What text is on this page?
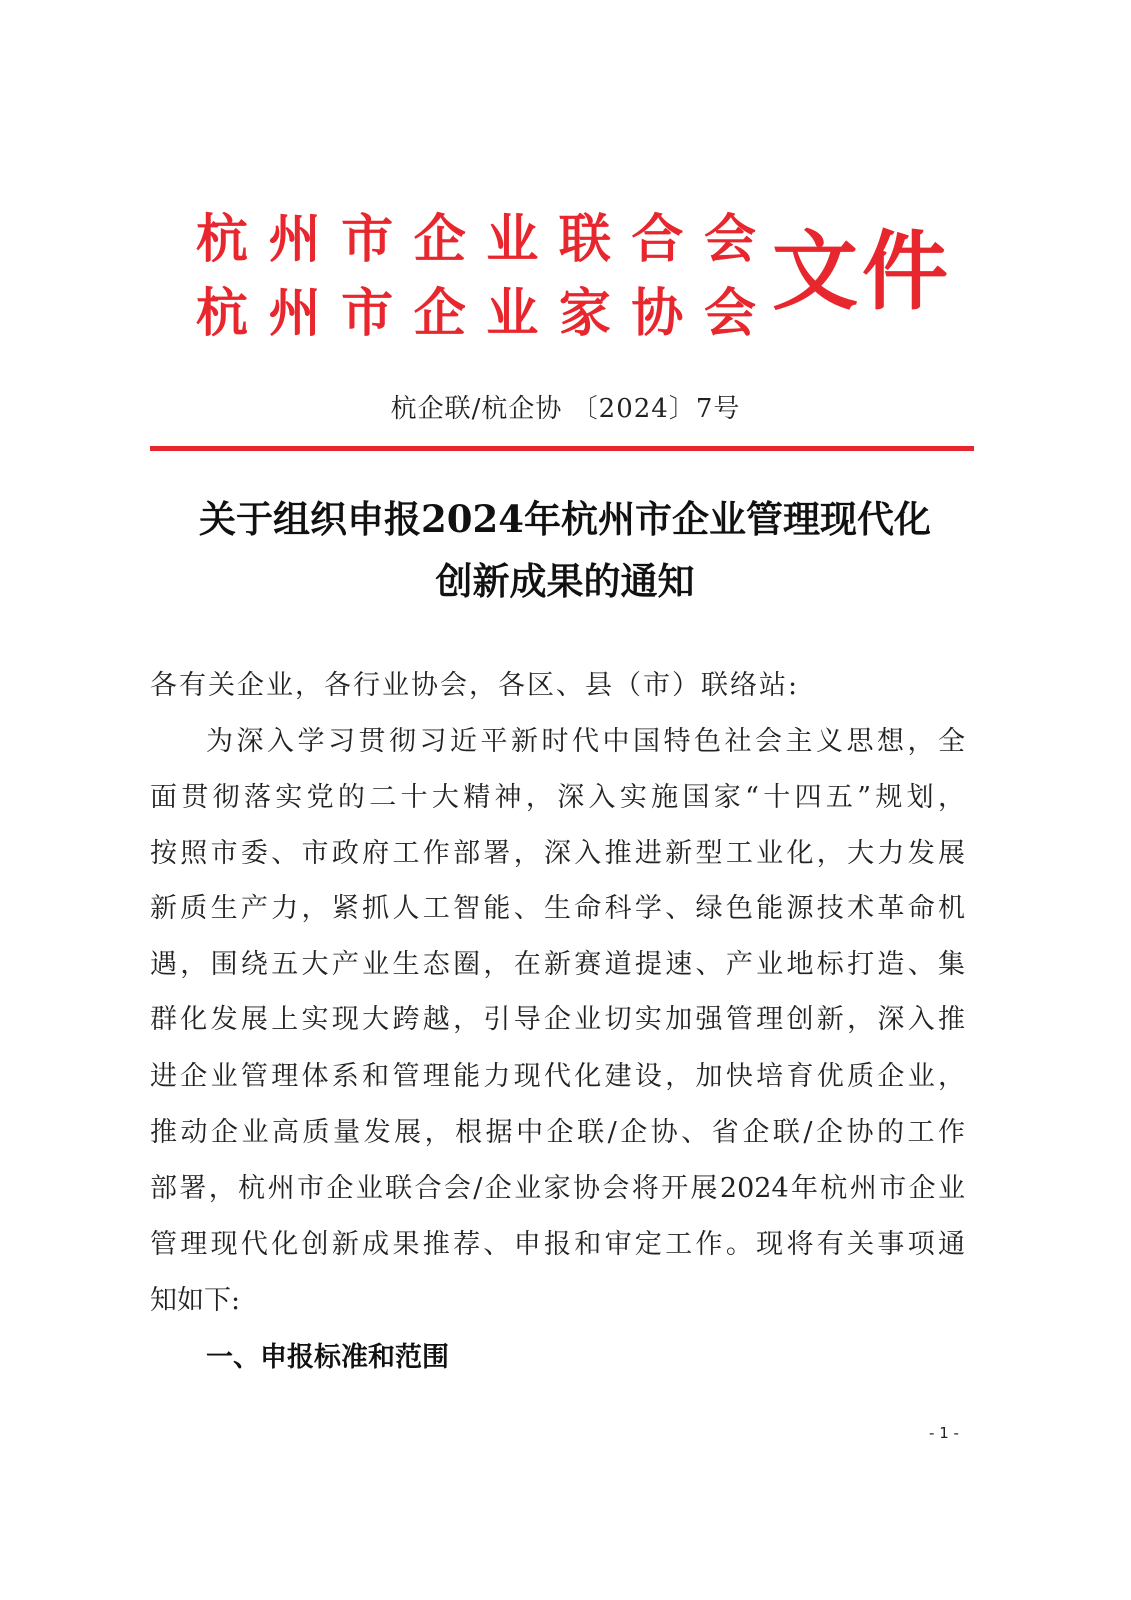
杭 州 市 企 业 联 合 会
杭 州 市 企 业 家 协 会 文件
杭企联/杭企协 〔2024〕7号
关于组织申报2024年杭州市企业管理现代化
创新成果的通知
各有关企业，各行业协会，各区、县（市）联络站:
为深入学习贯彻习近平新时代中国特色社会主义思想，全
面贯彻落实党的二十大精神，深入实施国家“十四五”规划，
按照市委、市政府工作部署，深入推进新型工业化，大力发展
新质生产力，紧抓人工智能、生命科学、绿色能源技术革命机
遇，围绕五大产业生态圈，在新赛道提速、产业地标打造、集
群化发展上实现大跨越，引导企业切实加强管理创新，深入推
进企业管理体系和管理能力现代化建设，加快培育优质企业，
推动企业高质量发展，根据中企联/企协、省企联/企协的工作
部署，杭州市企业联合会/企业家协会将开展2024年杭州市企业
管理现代化创新成果推荐、申报和审定工作。现将有关事项通
知如下:
一、申报标准和范围
- 1 -
